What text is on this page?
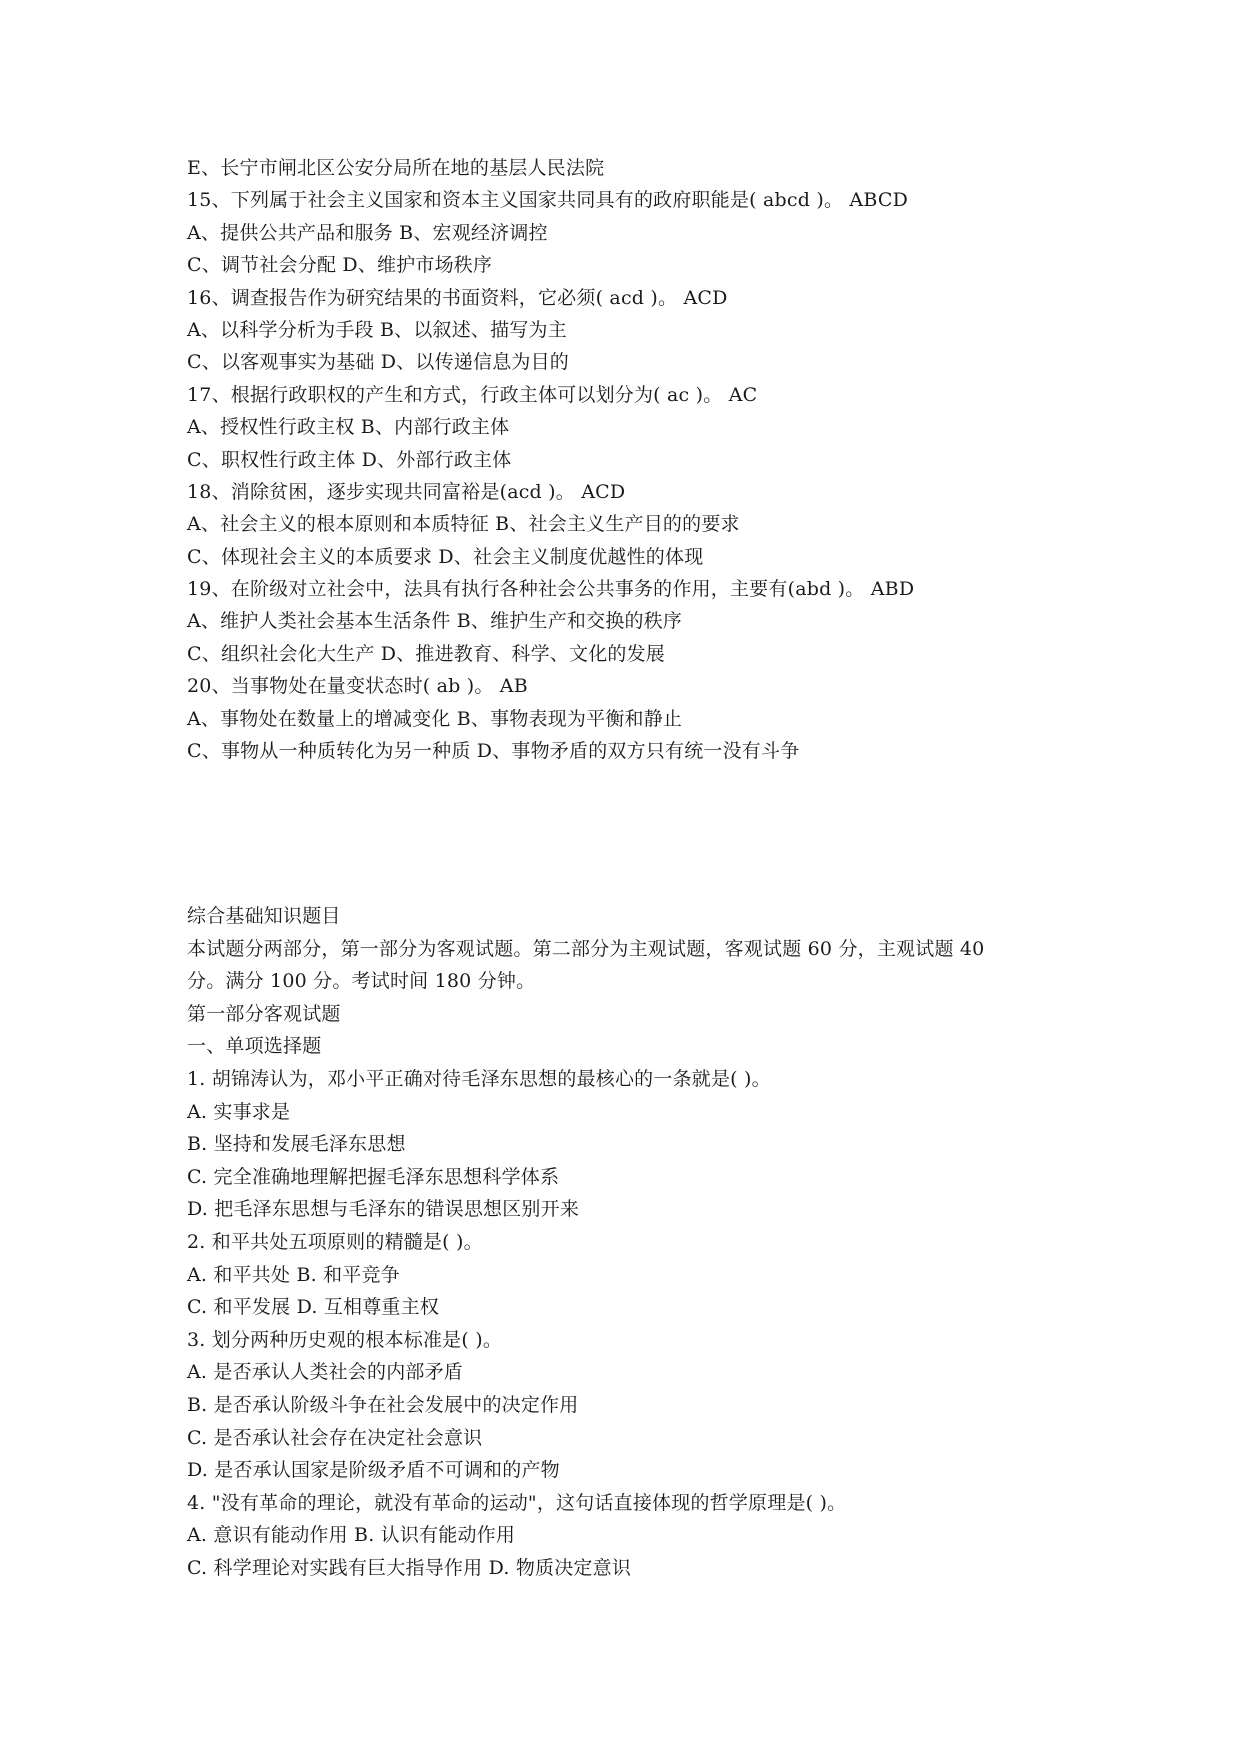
E、长宁市闸北区公安分局所在地的基层人民法院
15、下列属于社会主义国家和资本主义国家共同具有的政府职能是( abcd )。 ABCD
A、提供公共产品和服务 B、宏观经济调控
C、调节社会分配 D、维护市场秩序
16、调查报告作为研究结果的书面资料，它必须( acd )。 ACD
A、以科学分析为手段 B、以叙述、描写为主
C、以客观事实为基础 D、以传递信息为目的
17、根据行政职权的产生和方式，行政主体可以划分为( ac )。 AC
A、授权性行政主权 B、内部行政主体
C、职权性行政主体 D、外部行政主体
18、消除贫困，逐步实现共同富裕是(acd )。 ACD
A、社会主义的根本原则和本质特征 B、社会主义生产目的的要求
C、体现社会主义的本质要求 D、社会主义制度优越性的体现
19、在阶级对立社会中，法具有执行各种社会公共事务的作用，主要有(abd )。 ABD
A、维护人类社会基本生活条件 B、维护生产和交换的秩序
C、组织社会化大生产 D、推进教育、科学、文化的发展
20、当事物处在量变状态时( ab )。 AB
A、事物处在数量上的增减变化 B、事物表现为平衡和静止
C、事物从一种质转化为另一种质 D、事物矛盾的双方只有统一没有斗争
综合基础知识题目
本试题分两部分，第一部分为客观试题。第二部分为主观试题，客观试题 60 分，主观试题 40
分。满分 100 分。考试时间 180 分钟。
第一部分客观试题
一、单项选择题
1. 胡锦涛认为，邓小平正确对待毛泽东思想的最核心的一条就是( )。
A. 实事求是
B. 坚持和发展毛泽东思想
C. 完全准确地理解把握毛泽东思想科学体系
D. 把毛泽东思想与毛泽东的错误思想区别开来
2. 和平共处五项原则的精髓是( )。
A. 和平共处 B. 和平竞争
C. 和平发展 D. 互相尊重主权
3. 划分两种历史观的根本标准是( )。
A. 是否承认人类社会的内部矛盾
B. 是否承认阶级斗争在社会发展中的决定作用
C. 是否承认社会存在决定社会意识
D. 是否承认国家是阶级矛盾不可调和的产物
4. "没有革命的理论，就没有革命的运动"，这句话直接体现的哲学原理是( )。
A. 意识有能动作用 B. 认识有能动作用
C. 科学理论对实践有巨大指导作用 D. 物质决定意识
